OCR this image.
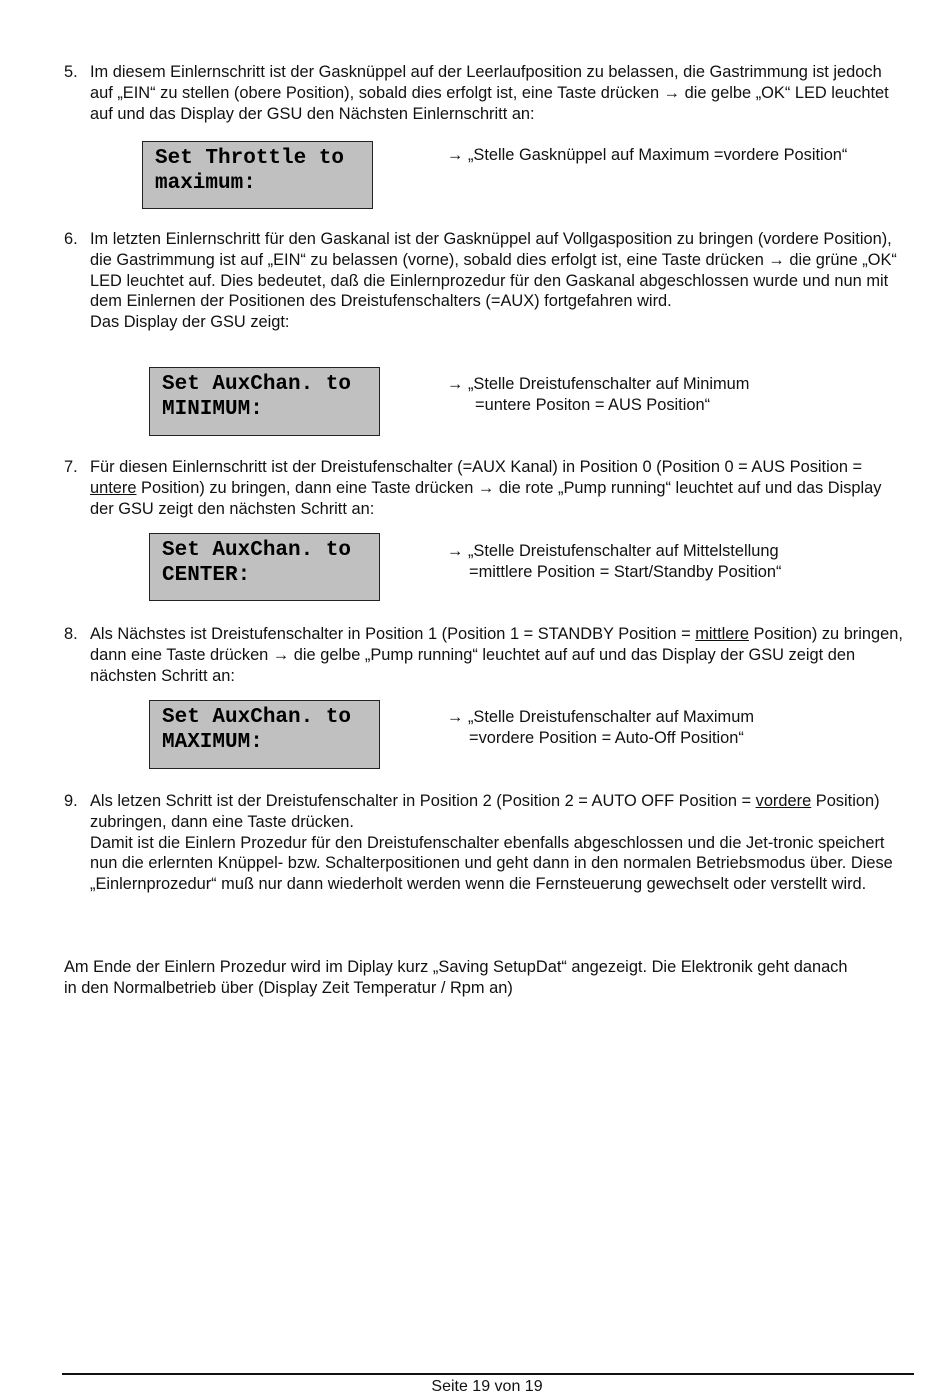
5. Im diesem Einlernschritt ist der Gasknüppel auf der Leerlaufposition zu belassen, die Gastrimmung ist jedoch auf „EIN“ zu stellen (obere Position), sobald dies erfolgt ist, eine Taste drücken → die gelbe „OK“ LED leuchtet auf und das Display der GSU den Nächsten Einlernschritt an:
Set Throttle to
maximum:
→ „Stelle Gasknüppel auf Maximum =vordere Position“
6. Im letzten Einlernschritt für den Gaskanal ist der Gasknüppel auf Vollgasposition zu bringen (vordere Position), die Gastrimmung ist auf „EIN“ zu belassen (vorne), sobald dies erfolgt ist, eine Taste drücken → die grüne „OK“ LED leuchtet auf. Dies bedeutet, daß die Einlernprozedur für den Gaskanal abgeschlossen wurde und nun mit dem Einlernen der Positionen des Dreistufenschalters (=AUX) fortgefahren wird.
Das Display der GSU zeigt:
Set AuxChan. to
MINIMUM:
→ „Stelle Dreistufenschalter auf Minimum
=untere Positon = AUS Position“
7. Für diesen Einlernschritt ist der Dreistufenschalter (=AUX Kanal) in Position 0 (Position 0 = AUS Position = untere Position) zu bringen, dann eine Taste drücken → die rote „Pump running“ leuchtet auf und das Display der GSU zeigt den nächsten Schritt an:
Set AuxChan. to
CENTER:
→ „Stelle Dreistufenschalter auf Mittelstellung
=mittlere Position = Start/Standby Position“
8. Als Nächstes ist Dreistufenschalter in Position 1 (Position 1 = STANDBY Position = mittlere Position) zu bringen, dann eine Taste drücken → die gelbe „Pump running“ leuchtet auf auf und das Display der GSU zeigt den nächsten Schritt an:
Set AuxChan. to
MAXIMUM:
→ „Stelle Dreistufenschalter auf Maximum
=vordere Position = Auto-Off Position“
9. Als letzen Schritt ist der Dreistufenschalter in Position 2 (Position 2 = AUTO OFF Position = vordere Position) zubringen, dann eine Taste drücken.
Damit ist die Einlern Prozedur für den Dreistufenschalter ebenfalls abgeschlossen und die Jet-tronic speichert nun die erlernten Knüppel- bzw. Schalterpositionen und geht dann in den normalen Betriebsmodus über. Diese „Einlernprozedur“ muß nur dann wiederholt werden wenn die Fernsteuerung gewechselt oder verstellt wird.
Am Ende der Einlern Prozedur wird im Diplay kurz „Saving SetupDat“ angezeigt. Die Elektronik geht danach in den Normalbetrieb über (Display Zeit Temperatur / Rpm an)
Seite 19 von 19
